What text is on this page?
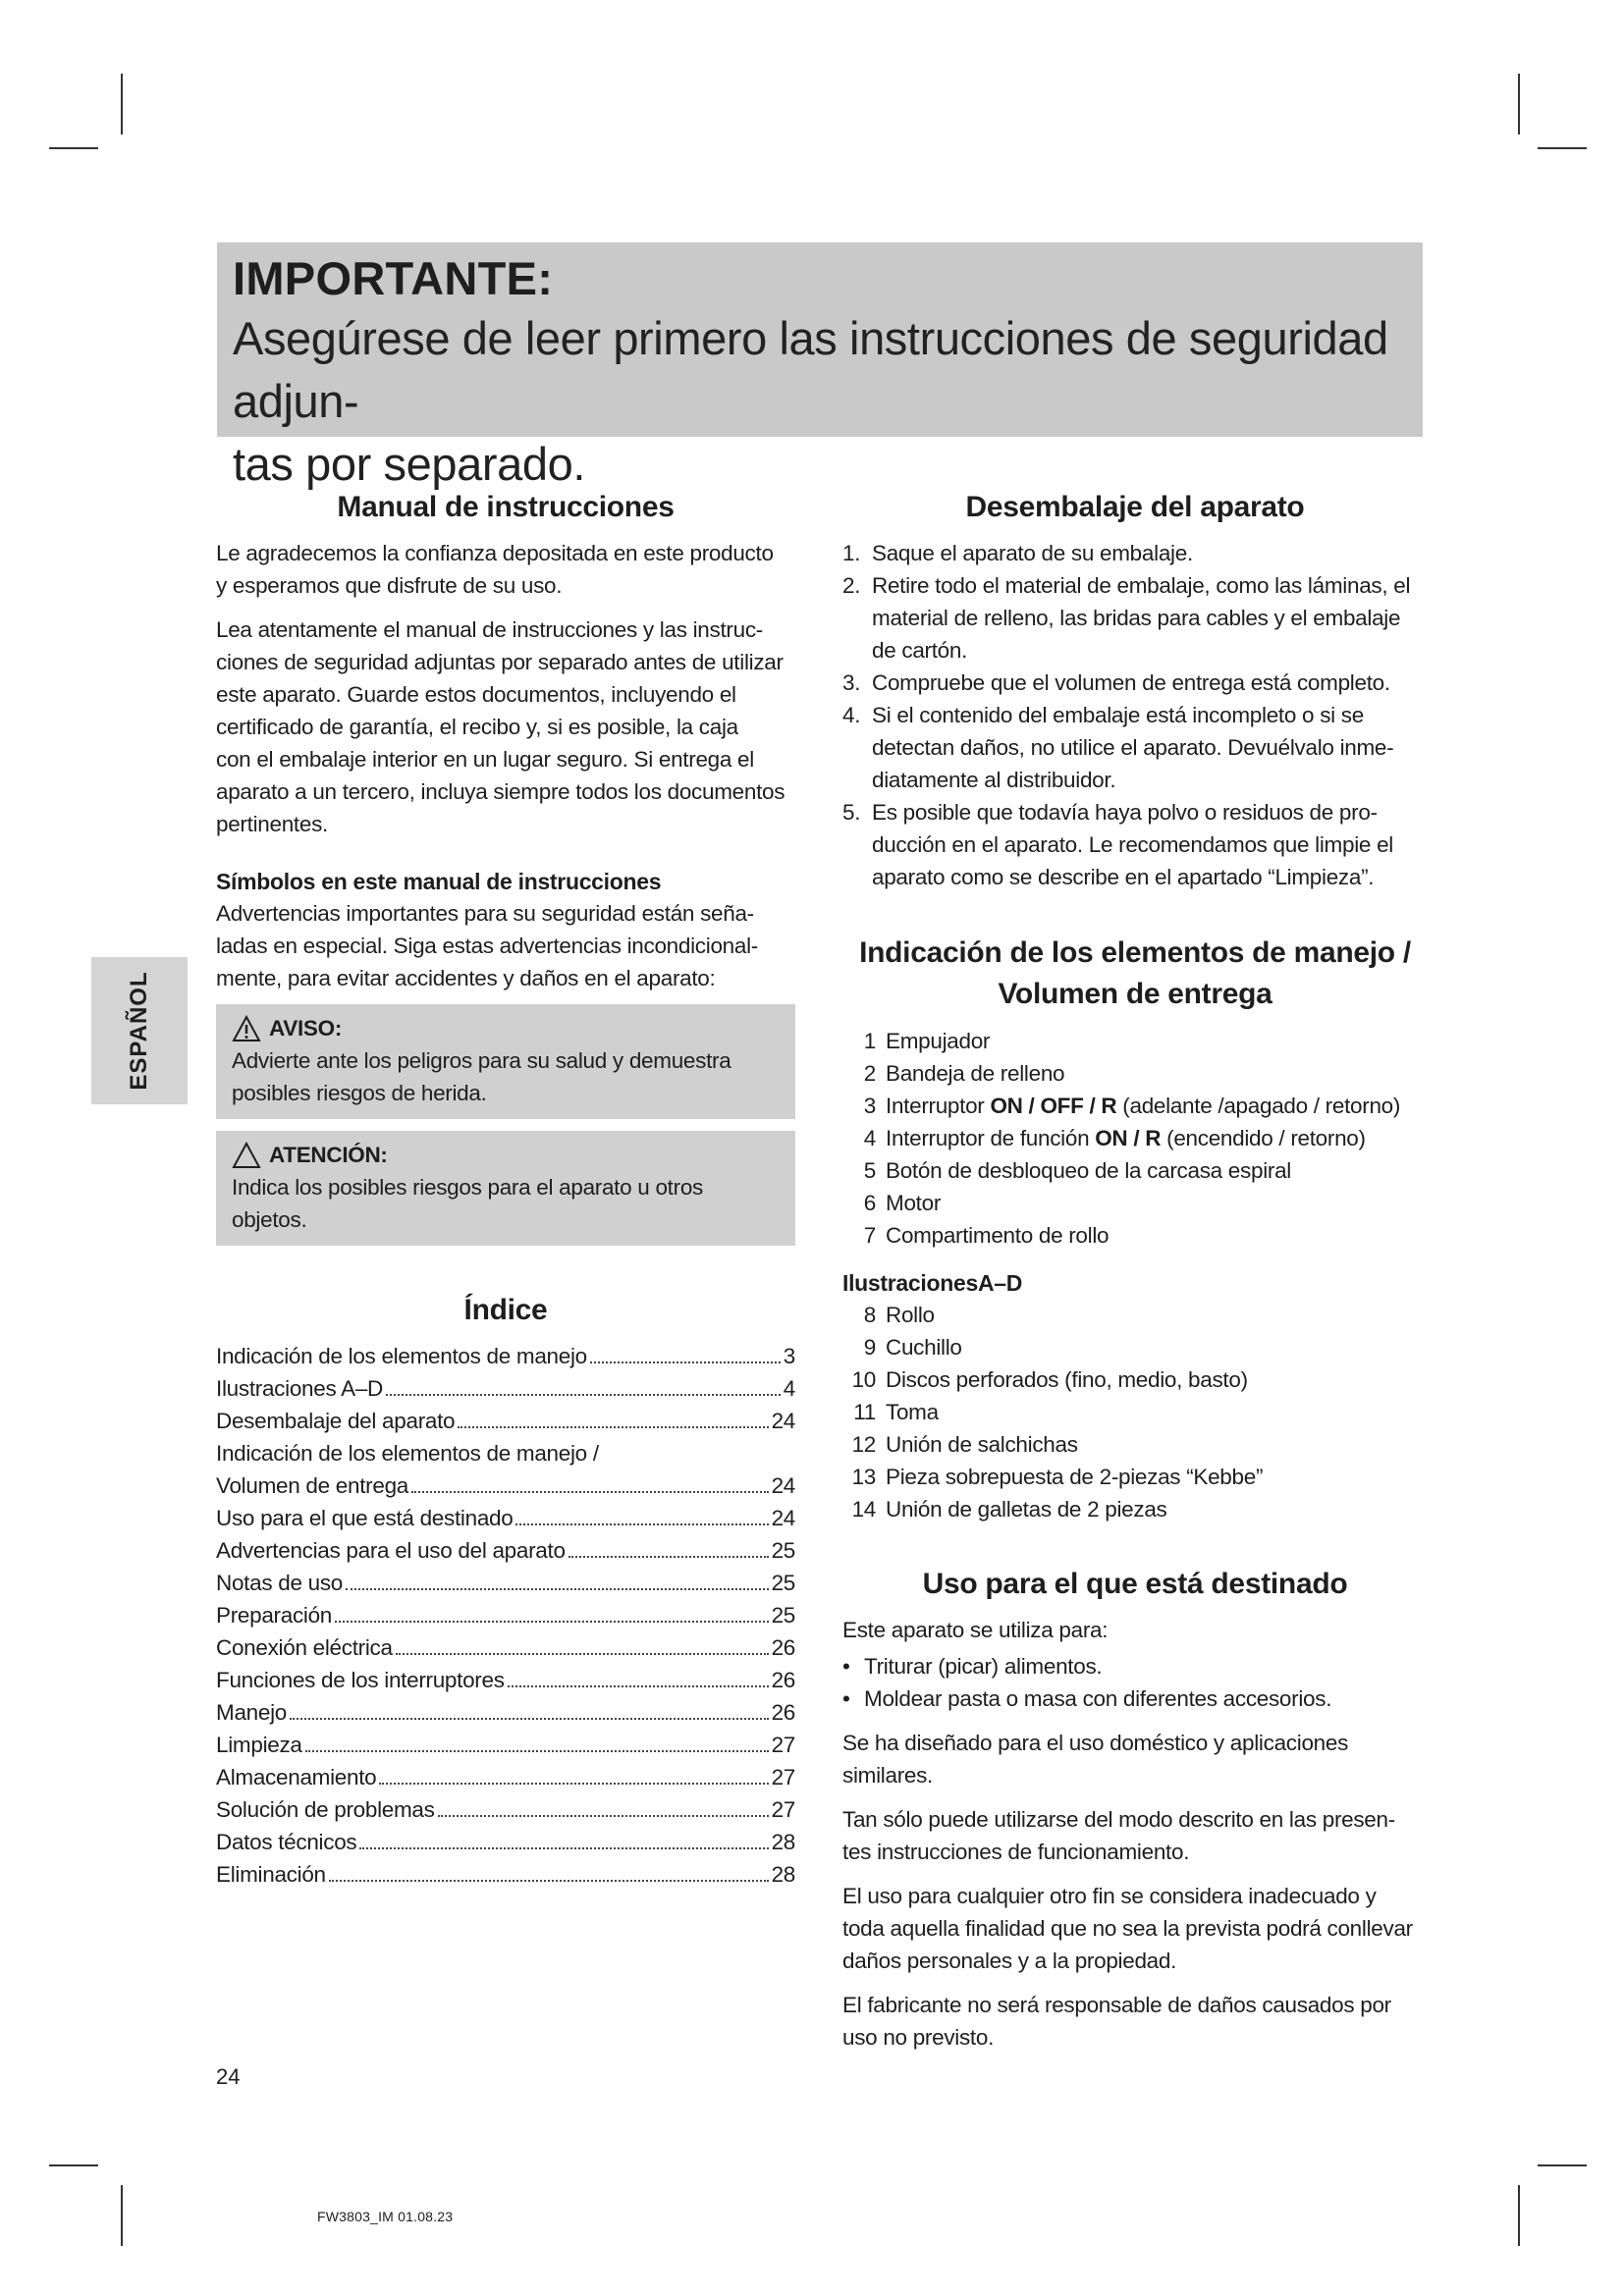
IMPORTANTE:
Asegúrese de leer primero las instrucciones de seguridad adjun-
tas por separado.
ESPAÑOL
Manual de instrucciones

Le agradecemos la confianza depositada en este producto
y esperamos que disfrute de su uso.

Lea atentamente el manual de instrucciones y las instruc-
ciones de seguridad adjuntas por separado antes de utilizar
este aparato. Guarde estos documentos, incluyendo el
certificado de garantía, el recibo y, si es posible, la caja
con el embalaje interior en un lugar seguro. Si entrega el
aparato a un tercero, incluya siempre todos los documentos
pertinentes.

Símbolos en este manual de instrucciones

Advertencias importantes para su seguridad están seña-
ladas en especial. Siga estas advertencias incondicional-
mente, para evitar accidentes y daños en el aparato:

AVISO:
Advierte ante los peligros para su salud y demuestra
posibles riesgos de herida.
ATENCIÓN:
Indica los posibles riesgos para el aparato u otros
objetos.
Índice
Indicación de los elementos de manejo	3
Ilustraciones A–D	4
Desembalaje del aparato	24
Indicación de los elementos de manejo /
Volumen de entrega	24
Uso para el que está destinado	24
Advertencias para el uso del aparato	25
Notas de uso	25
Preparación	25
Conexión eléctrica	26
Funciones de los interruptores	26
Manejo	26
Limpieza	27
Almacenamiento	27
Solución de problemas	27
Datos técnicos	28
Eliminación	28
Desembalaje del aparato
1. Saque el aparato de su embalaje.
2. Retire todo el material de embalaje, como las láminas, el
material de relleno, las bridas para cables y el embalaje
de cartón.
3. Compruebe que el volumen de entrega está completo.
4. Si el contenido del embalaje está incompleto o si se
detectan daños, no utilice el aparato. Devuélvalo inme-
diatamente al distribuidor.
5. Es posible que todavía haya polvo o residuos de pro-
ducción en el aparato. Le recomendamos que limpie el
aparato como se describe en el apartado “Limpieza”.
Indicación de los elementos de manejo /
Volumen de entrega
1 Empujador
2 Bandeja de relleno
3 Interruptor ON / OFF / R (adelante /apagado / retorno)
4 Interruptor de función ON / R (encendido / retorno)
5 Botón de desbloqueo de la carcasa espiral
6 Motor
7 Compartimento de rollo
IlustracionesA–D
8 Rollo
9 Cuchillo
10 Discos perforados (fino, medio, basto)
11 Toma
12 Unión de salchichas
13 Pieza sobrepuesta de 2-piezas “Kebbe”
14 Unión de galletas de 2 piezas
Uso para el que está destinado

Este aparato se utiliza para:

• Triturar (picar) alimentos.
• Moldear pasta o masa con diferentes accesorios.

Se ha diseñado para el uso doméstico y aplicaciones
similares.

Tan sólo puede utilizarse del modo descrito en las presen-
tes instrucciones de funcionamiento.

El uso para cualquier otro fin se considera inadecuado y
toda aquella finalidad que no sea la prevista podrá conllevar
daños personales y a la propiedad.

El fabricante no será responsable de daños causados por
uso no previsto.

24
FW3803_IM 01.08.23
